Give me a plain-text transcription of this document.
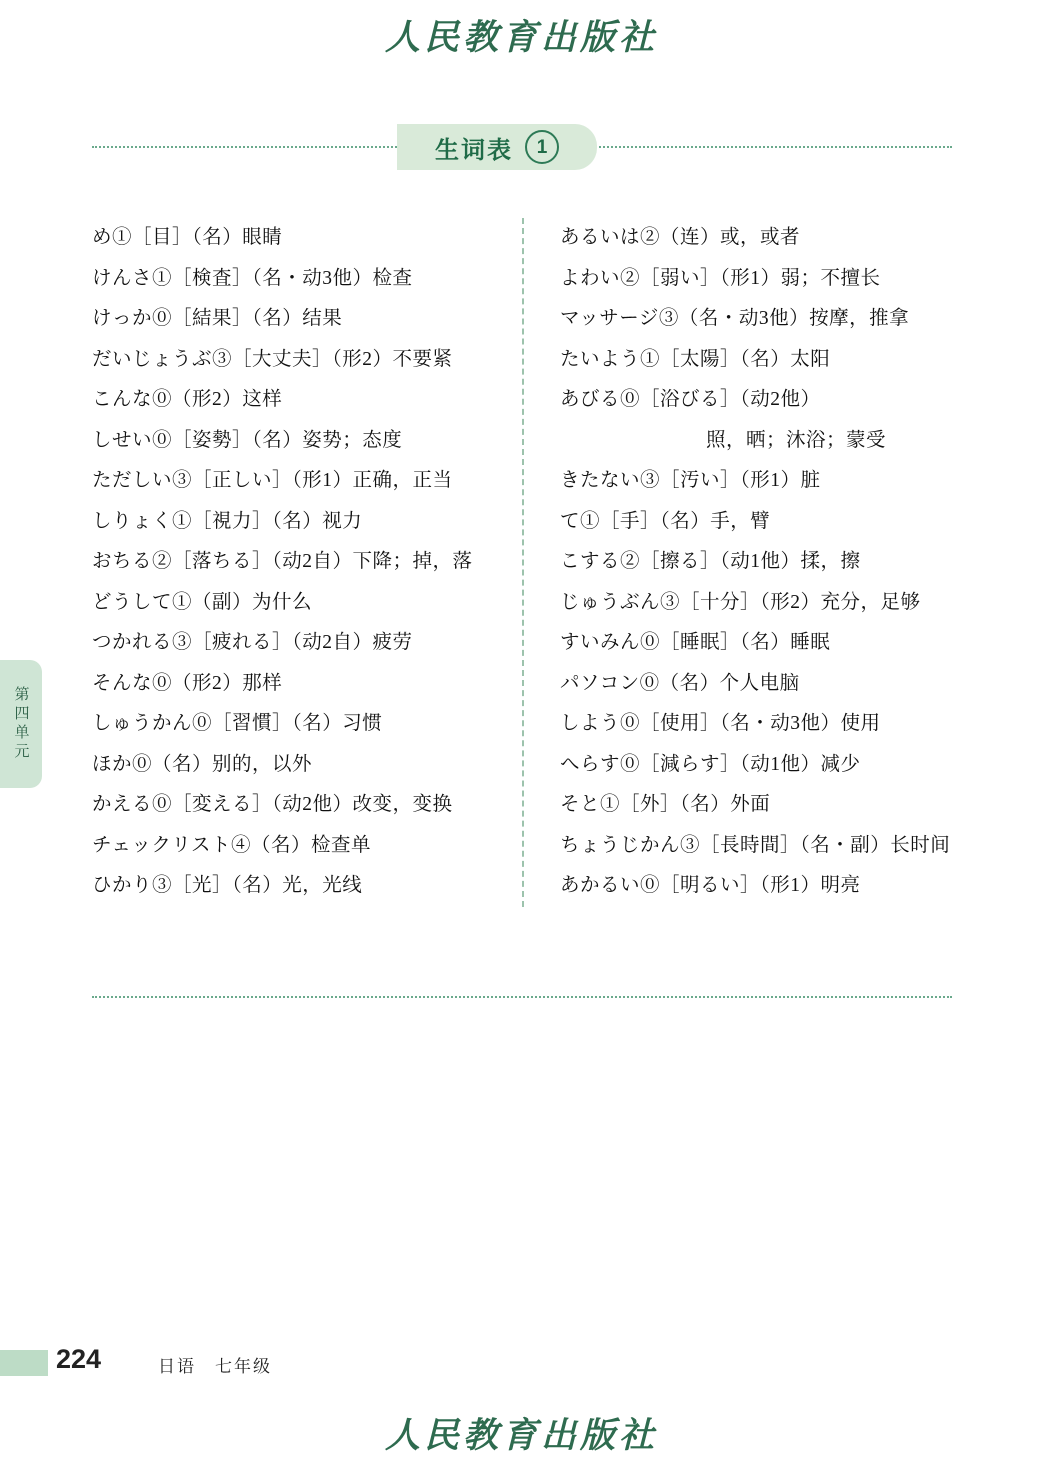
人民教育出版社
生词表	1
第四单元
め①［目］（名）眼睛
けんさ①［検査］（名・动3他）检查
けっか⓪［結果］（名）结果
だいじょうぶ③［大丈夫］（形2）不要紧
こんな⓪（形2）这样
しせい⓪［姿勢］（名）姿势；态度
ただしい③［正しい］（形1）正确，正当
しりょく①［視力］（名）视力
おちる②［落ちる］（动2自）下降；掉，落
どうして①（副）为什么
つかれる③［疲れる］（动2自）疲劳
そんな⓪（形2）那样
しゅうかん⓪［習慣］（名）习惯
ほか⓪（名）别的，以外
かえる⓪［変える］（动2他）改变，变换
チェックリスト④（名）检查单
ひかり③［光］（名）光，光线
あるいは②（连）或，或者
よわい②［弱い］（形1）弱；不擅长
マッサージ③（名・动3他）按摩，推拿
たいよう①［太陽］（名）太阳
あびる⓪［浴びる］（动2他）
照，晒；沐浴；蒙受
きたない③［汚い］（形1）脏
て①［手］（名）手，臂
こする②［擦る］（动1他）揉，擦
じゅうぶん③［十分］（形2）充分，足够
すいみん⓪［睡眠］（名）睡眠
パソコン⓪（名）个人电脑
しよう⓪［使用］（名・动3他）使用
へらす⓪［減らす］（动1他）减少
そと①［外］（名）外面
ちょうじかん③［長時間］（名・副）长时间
あかるい⓪［明るい］（形1）明亮
224	日语　七年级
人民教育出版社
